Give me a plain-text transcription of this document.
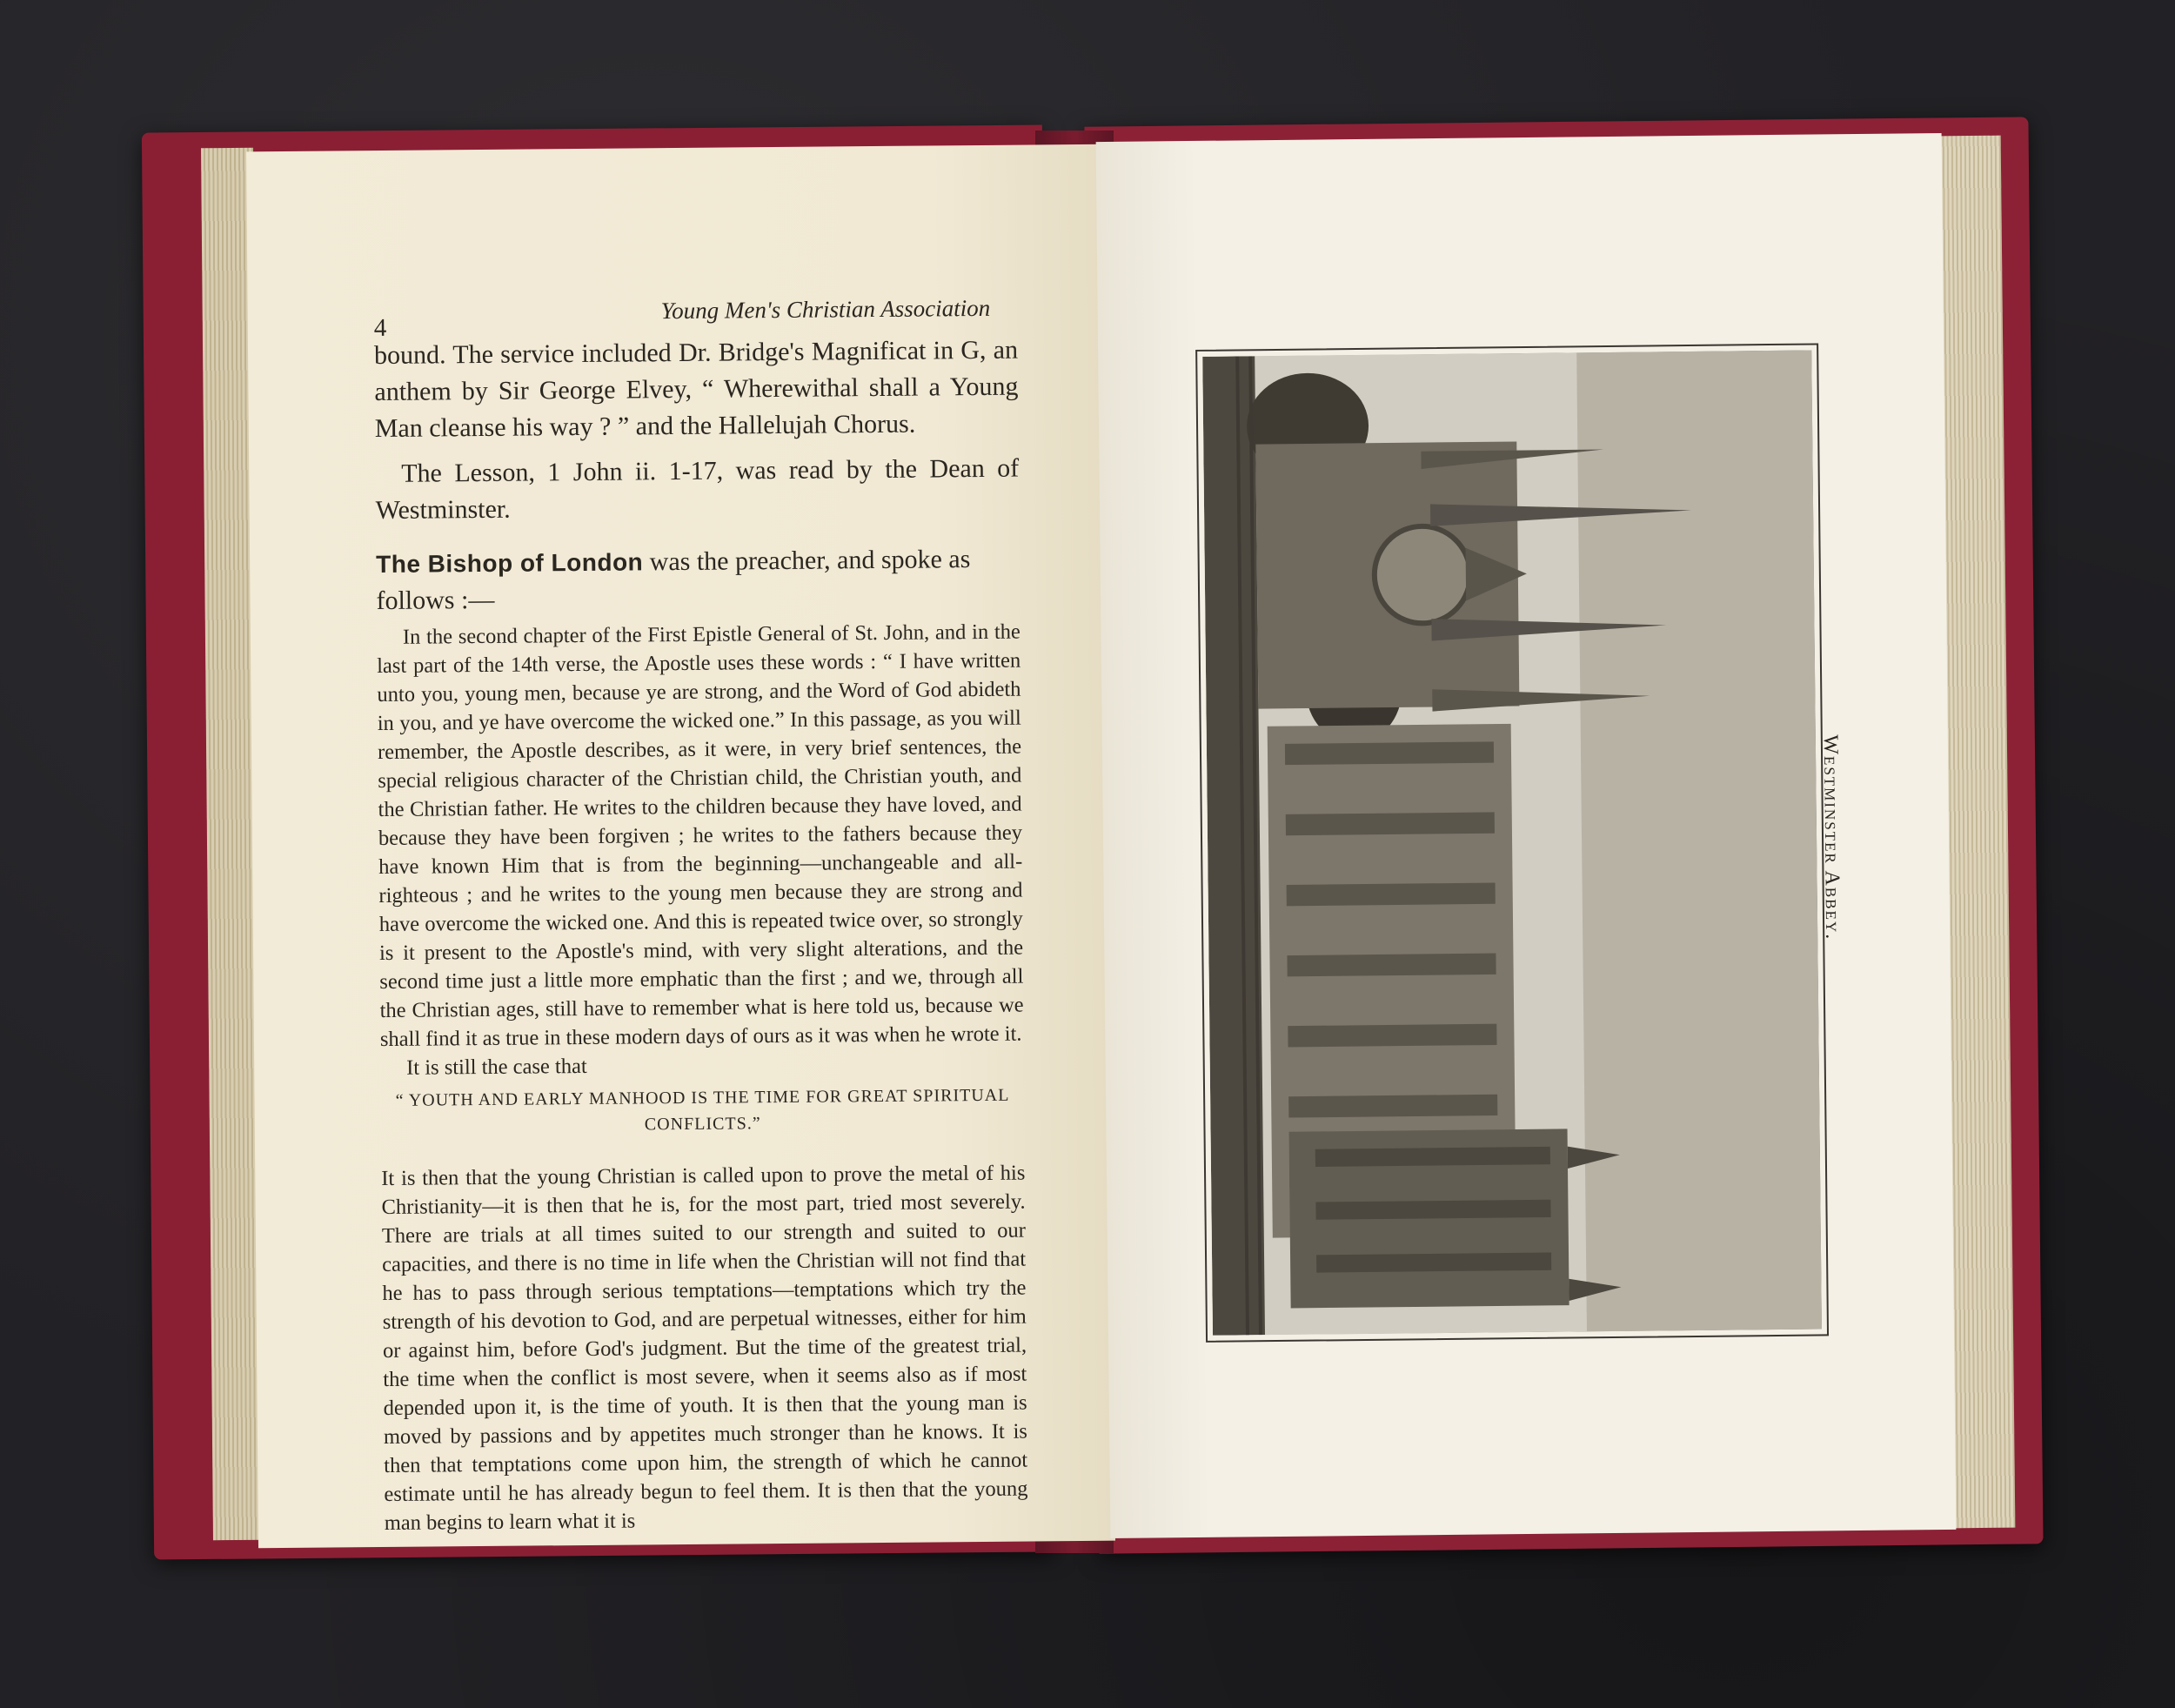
4
Young Men's Christian Association

bound. The service included Dr. Bridge's Magnificat in G, an anthem by Sir George Elvey, “ Wherewithal shall a Young Man cleanse his way ? ” and the Hallelujah Chorus.

The Lesson, 1 John ii. 1-17, was read by the Dean of Westminster.

The Bishop of London was the preacher, and spoke as follows :—

In the second chapter of the First Epistle General of St. John, and in the last part of the 14th verse, the Apostle uses these words : “ I have written unto you, young men, because ye are strong, and the Word of God abideth in you, and ye have overcome the wicked one.” In this passage, as you will remember, the Apostle describes, as it were, in very brief sentences, the special religious character of the Christian child, the Christian youth, and the Christian father. He writes to the children because they have loved, and because they have been forgiven ; he writes to the fathers because they have known Him that is from the beginning—unchangeable and all-righteous ; and he writes to the young men because they are strong and have overcome the wicked one. And this is repeated twice over, so strongly is it present to the Apostle's mind, with very slight alterations, and the second time just a little more emphatic than the first ; and we, through all the Christian ages, still have to remember what is here told us, because we shall find it as true in these modern days of ours as it was when he wrote it.

It is still the case that

“ YOUTH AND EARLY MANHOOD IS THE TIME FOR GREAT SPIRITUAL
CONFLICTS.”

It is then that the young Christian is called upon to prove the metal of his Christianity—it is then that he is, for the most part, tried most severely. There are trials at all times suited to our strength and suited to our capacities, and there is no time in life when the Christian will not find that he has to pass through serious temptations—temptations which try the strength of his devotion to God, and are perpetual witnesses, either for him or against him, before God's judgment. But the time of the greatest trial, the time when the conflict is most severe, when it seems also as if most depended upon it, is the time of youth. It is then that the young man is moved by passions and by appetites much stronger than he knows. It is then that temptations come upon him, the strength of which he cannot estimate until he has already begun to feel them. It is then that the young man begins to learn what it is

Westminster Abbey.
